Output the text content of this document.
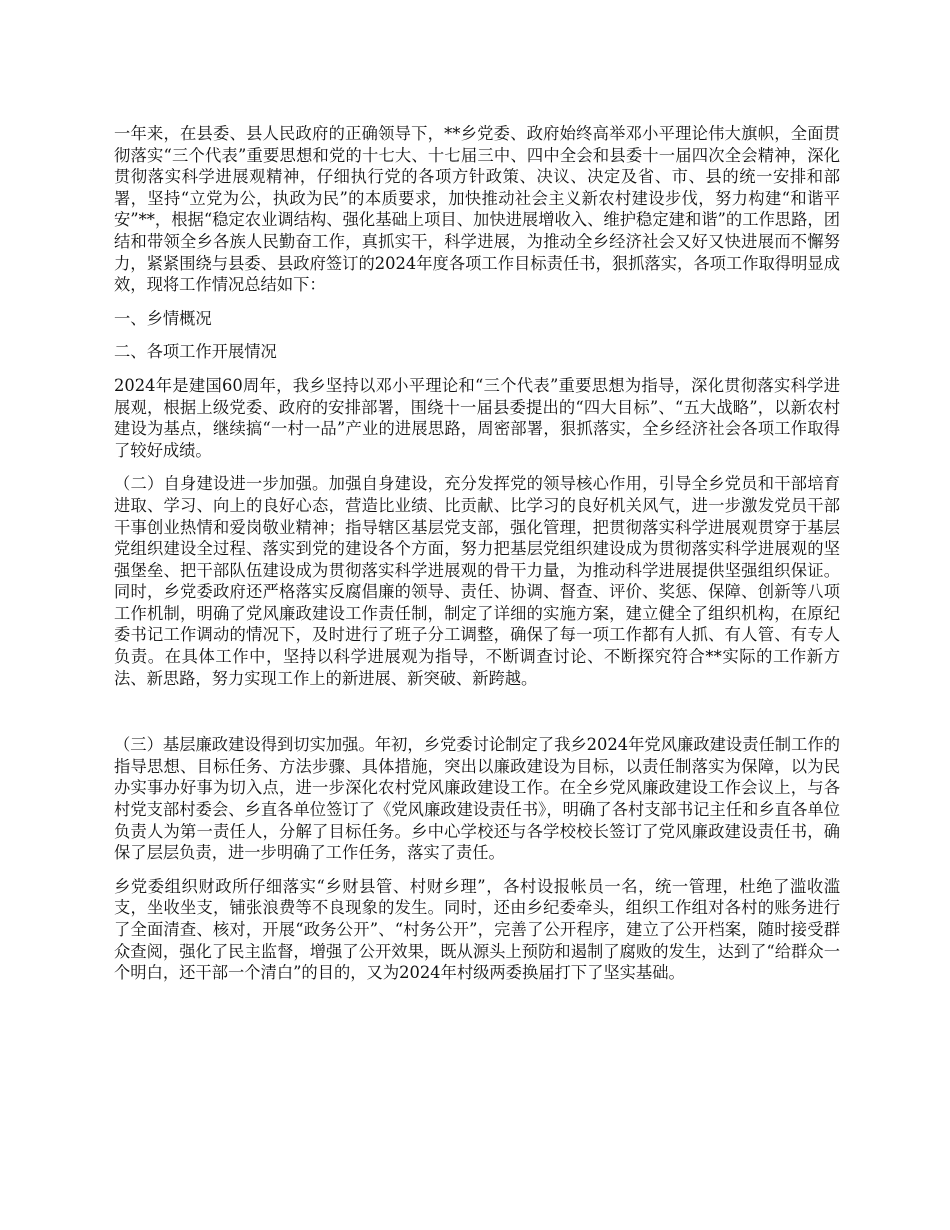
一年来，在县委、县人民政府的正确领导下，**乡党委、政府始终高举邓小平理论伟大旗帜，全面贯彻落实“三个代表”重要思想和党的十七大、十七届三中、四中全会和县委十一届四次全会精神，深化贯彻落实科学进展观精神，仔细执行党的各项方针政策、决议、决定及省、市、县的统一安排和部署，坚持“立党为公，执政为民”的本质要求，加快推动社会主义新农村建设步伐，努力构建“和谐平安”**，根据“稳定农业调结构、强化基础上项目、加快进展增收入、维护稳定建和谐”的工作思路，团结和带领全乡各族人民勤奋工作，真抓实干，科学进展，为推动全乡经济社会又好又快进展而不懈努力，紧紧围绕与县委、县政府签订的2024年度各项工作目标责任书，狠抓落实，各项工作取得明显成效，现将工作情况总结如下：

一、乡情概况

二、各项工作开展情况

2024年是建国60周年，我乡坚持以邓小平理论和“三个代表”重要思想为指导，深化贯彻落实科学进展观，根据上级党委、政府的安排部署，围绕十一届县委提出的“四大目标”、“五大战略”，以新农村建设为基点，继续搞“一村一品”产业的进展思路，周密部署，狠抓落实，全乡经济社会各项工作取得了较好成绩。

（二）自身建设进一步加强。加强自身建设，充分发挥党的领导核心作用，引导全乡党员和干部培育进取、学习、向上的良好心态，营造比业绩、比贡献、比学习的良好机关风气，进一步激发党员干部干事创业热情和爱岗敬业精神；指导辖区基层党支部，强化管理，把贯彻落实科学进展观贯穿于基层党组织建设全过程、落实到党的建设各个方面，努力把基层党组织建设成为贯彻落实科学进展观的坚强堡垒、把干部队伍建设成为贯彻落实科学进展观的骨干力量，为推动科学进展提供坚强组织保证。同时，乡党委政府还严格落实反腐倡廉的领导、责任、协调、督查、评价、奖惩、保障、创新等八项工作机制，明确了党风廉政建设工作责任制，制定了详细的实施方案，建立健全了组织机构，在原纪委书记工作调动的情况下，及时进行了班子分工调整，确保了每一项工作都有人抓、有人管、有专人负责。在具体工作中，坚持以科学进展观为指导，不断调查讨论、不断探究符合**实际的工作新方法、新思路，努力实现工作上的新进展、新突破、新跨越。

（三）基层廉政建设得到切实加强。年初，乡党委讨论制定了我乡2024年党风廉政建设责任制工作的指导思想、目标任务、方法步骤、具体措施，突出以廉政建设为目标，以责任制落实为保障，以为民办实事办好事为切入点，进一步深化农村党风廉政建设工作。在全乡党风廉政建设工作会议上，与各村党支部村委会、乡直各单位签订了《党风廉政建设责任书》，明确了各村支部书记主任和乡直各单位负责人为第一责任人，分解了目标任务。乡中心学校还与各学校校长签订了党风廉政建设责任书，确保了层层负责，进一步明确了工作任务，落实了责任。

乡党委组织财政所仔细落实“乡财县管、村财乡理”，各村设报帐员一名，统一管理，杜绝了滥收滥支，坐收坐支，铺张浪费等不良现象的发生。同时，还由乡纪委牵头，组织工作组对各村的账务进行了全面清查、核对，开展“政务公开”、“村务公开”，完善了公开程序，建立了公开档案，随时接受群众查阅，强化了民主监督，增强了公开效果，既从源头上预防和遏制了腐败的发生，达到了“给群众一个明白，还干部一个清白”的目的，又为2024年村级两委换届打下了坚实基础。
